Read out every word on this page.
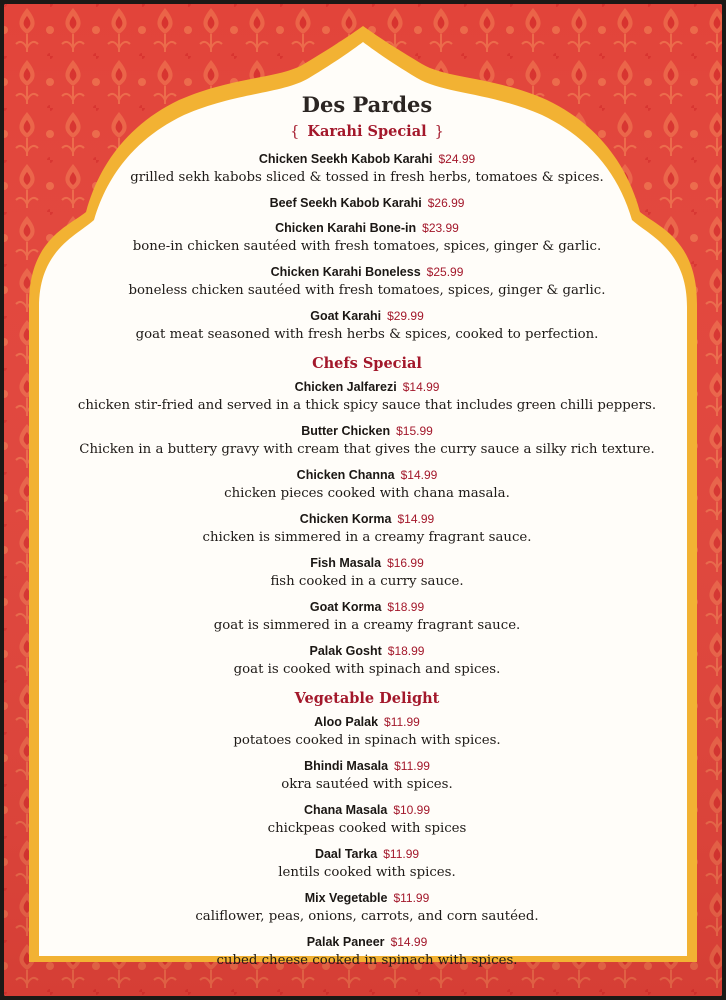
Des Pardes
{ Karahi Special }
Chicken Seekh Kabob Karahi $24.99
grilled sekh kabobs sliced & tossed in fresh herbs, tomatoes & spices.
Beef Seekh Kabob Karahi $26.99
Chicken Karahi Bone-in $23.99
bone-in chicken sautéed with fresh tomatoes, spices, ginger & garlic.
Chicken Karahi Boneless $25.99
boneless chicken sautéed with fresh tomatoes, spices, ginger & garlic.
Goat Karahi $29.99
goat meat seasoned with fresh herbs & spices, cooked to perfection.
Chefs Special
Chicken Jalfarezi $14.99
chicken stir-fried and served in a thick spicy sauce that includes green chilli peppers.
Butter Chicken $15.99
Chicken in a buttery gravy with cream that gives the curry sauce a silky rich texture.
Chicken Channa $14.99
chicken pieces cooked with chana masala.
Chicken Korma $14.99
chicken is simmered in a creamy fragrant sauce.
Fish Masala $16.99
fish cooked in a curry sauce.
Goat Korma $18.99
goat is simmered in a creamy fragrant sauce.
Palak Gosht $18.99
goat is cooked with spinach and spices.
Vegetable Delight
Aloo Palak $11.99
potatoes cooked in spinach with spices.
Bhindi Masala $11.99
okra sautéed with spices.
Chana Masala $10.99
chickpeas cooked with spices
Daal Tarka $11.99
lentils cooked with spices.
Mix Vegetable $11.99
califlower, peas, onions, carrots, and corn sautéed.
Palak Paneer $14.99
cubed cheese cooked in spinach with spices.
